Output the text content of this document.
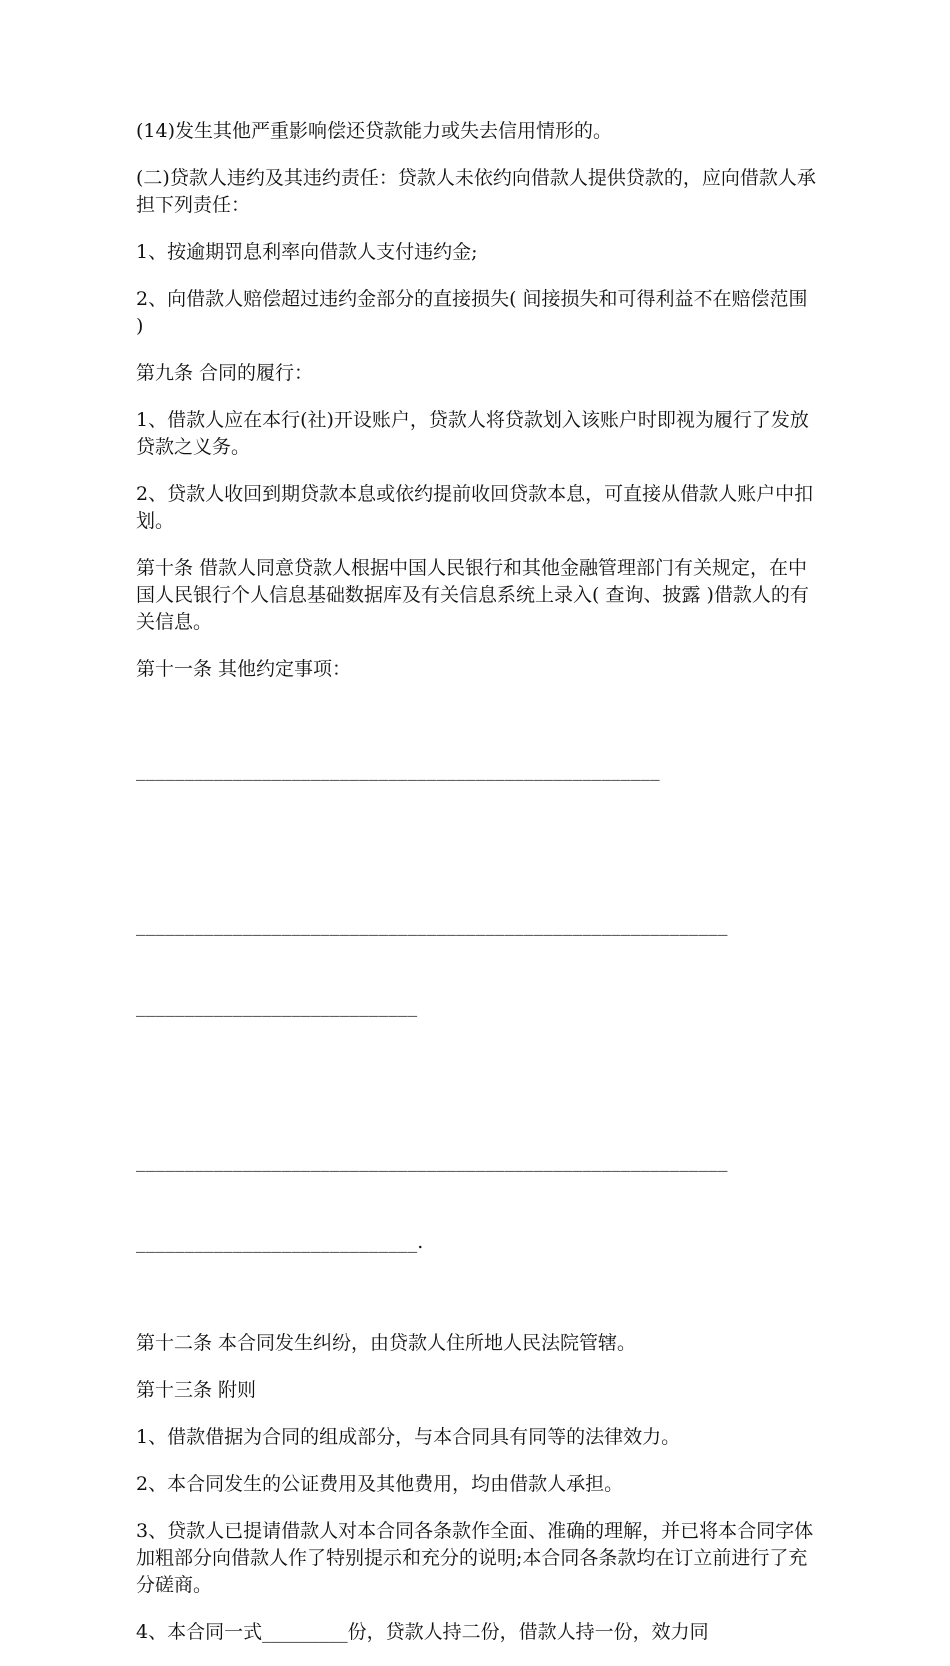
(14)发生其他严重影响偿还贷款能力或失去信用情形的。

(二)贷款人违约及其违约责任：贷款人未依约向借款人提供贷款的，应向借款人承担下列责任：

1、按逾期罚息利率向借款人支付违约金;

2、向借款人赔偿超过违约金部分的直接损失( 间接损失和可得利益不在赔偿范围 )

第九条 合同的履行：

1、借款人应在本行(社)开设账户，贷款人将贷款划入该账户时即视为履行了发放贷款之义务。

2、贷款人收回到期贷款本息或依约提前收回贷款本息，可直接从借款人账户中扣划。

第十条 借款人同意贷款人根据中国人民银行和其他金融管理部门有关规定，在中国人民银行个人信息基础数据库及有关信息系统上录入( 查询、披露 )借款人的有关信息。

第十一条 其他约定事项：

______________________________________________________

_____________________________________________________________

_____________________________

_____________________________________________________________

_____________________________.

第十二条 本合同发生纠纷，由贷款人住所地人民法院管辖。

第十三条 附则

1、借款借据为合同的组成部分，与本合同具有同等的法律效力。

2、本合同发生的公证费用及其他费用，均由借款人承担。

3、贷款人已提请借款人对本合同各条款作全面、准确的理解，并已将本合同字体加粗部分向借款人作了特别提示和充分的说明;本合同各条款均在订立前进行了充分磋商。

4、本合同一式_________份，贷款人持二份，借款人持一份，效力同
